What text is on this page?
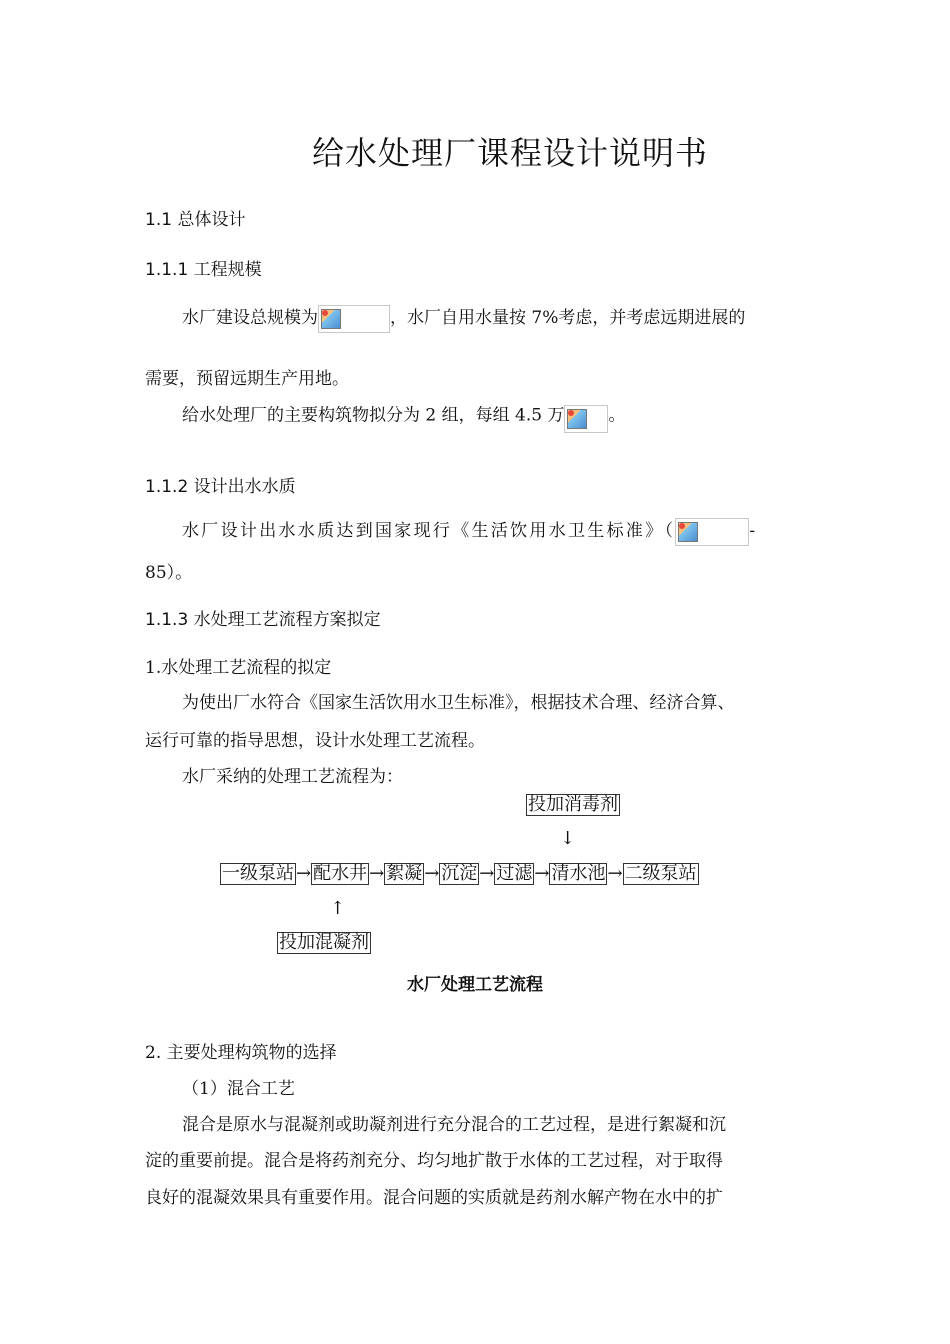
给水处理厂课程设计说明书
1.1 总体设计
1.1.1 工程规模
水厂建设总规模为	，水厂自用水量按 7%考虑，并考虑远期进展的
需要，预留远期生产用地。
给水处理厂的主要构筑物拟分为 2 组，每组 4.5 万	。
1.1.2 设计出水水质
水厂设计出水水质达到国家现行《生活饮用水卫生标准》（	-
85）。
1.1.3 水处理工艺流程方案拟定
1.水处理工艺流程的拟定
为使出厂水符合《国家生活饮用水卫生标准》，根据技术合理、经济合算、
运行可靠的指导思想，设计水处理工艺流程。
水厂采纳的处理工艺流程为：
投加消毒剂
↓
一级泵站 → 配水井 → 絮凝 → 沉淀 → 过滤 → 清水池 → 二级泵站
↑
投加混凝剂
水厂处理工艺流程
2. 主要处理构筑物的选择
（1）混合工艺
混合是原水与混凝剂或助凝剂进行充分混合的工艺过程，是进行絮凝和沉
淀的重要前提。混合是将药剂充分、均匀地扩散于水体的工艺过程，对于取得
良好的混凝效果具有重要作用。混合问题的实质就是药剂水解产物在水中的扩
